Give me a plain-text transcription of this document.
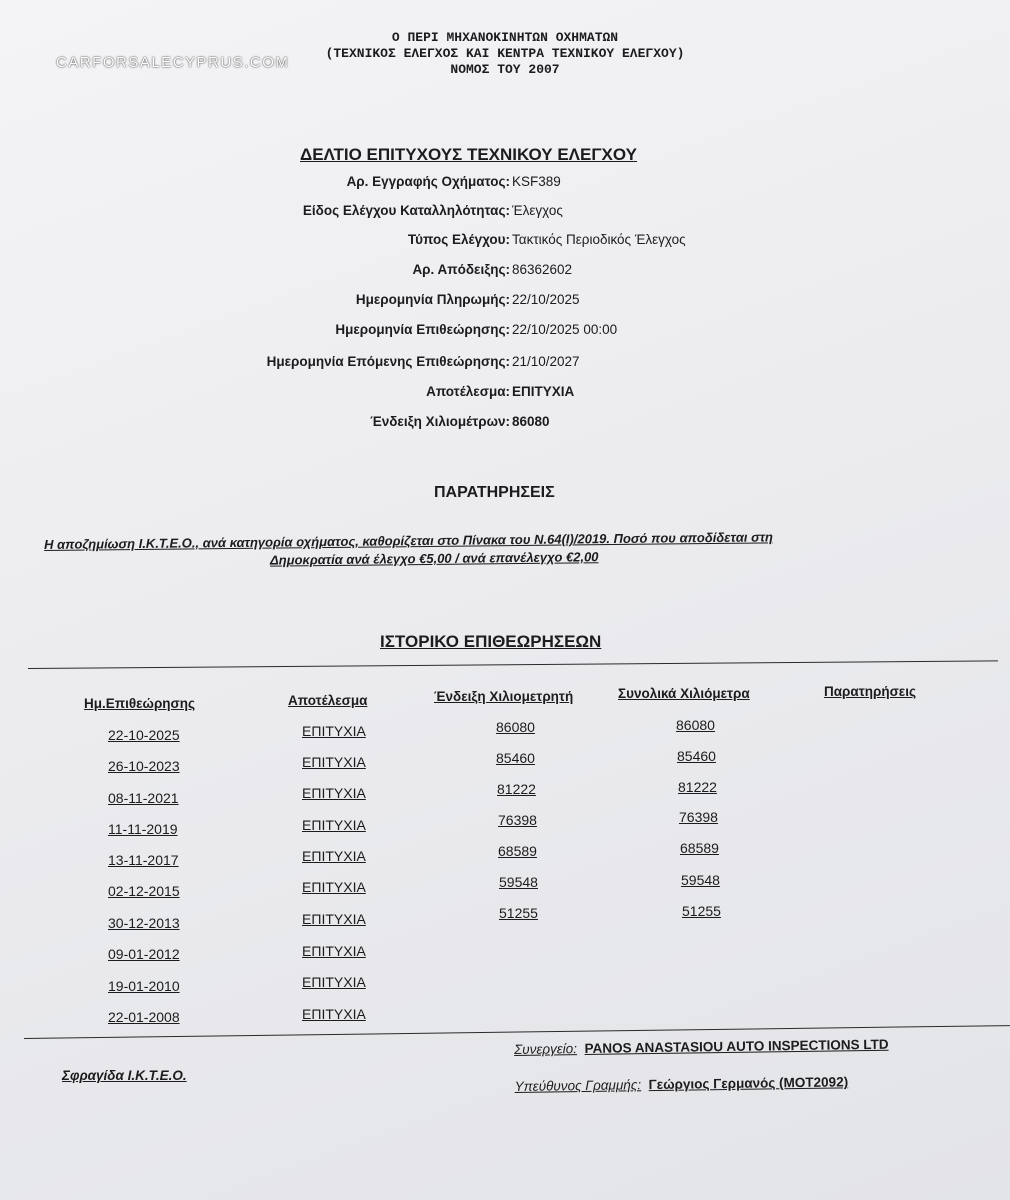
CARFORSALECYPRUS.COM
Ο ΠΕΡΙ ΜΗΧΑΝΟΚΙΝΗΤΩΝ ΟΧΗΜΑΤΩΝ
(ΤΕΧΝΙΚΟΣ ΕΛΕΓΧΟΣ ΚΑΙ ΚΕΝΤΡΑ ΤΕΧΝΙΚΟΥ ΕΛΕΓΧΟΥ)
ΝΟΜΟΣ ΤΟΥ 2007
ΔΕΛΤΙΟ ΕΠΙΤΥΧΟΥΣ ΤΕΧΝΙΚΟΥ ΕΛΕΓΧΟΥ
Αρ. Εγγραφής Οχήματος: KSF389
Είδος Ελέγχου Καταλληλότητας: Έλεγχος
Τύπος Ελέγχου: Τακτικός Περιοδικός Έλεγχος
Αρ. Απόδειξης: 86362602
Ημερομηνία Πληρωμής: 22/10/2025
Ημερομηνία Επιθεώρησης: 22/10/2025 00:00
Ημερομηνία Επόμενης Επιθεώρησης: 21/10/2027
Αποτέλεσμα: ΕΠΙΤΥΧΙΑ
Ένδειξη Χιλιομέτρων: 86080
ΠΑΡΑΤΗΡΗΣΕΙΣ
Η αποζημίωση Ι.Κ.Τ.Ε.Ο., ανά κατηγορία οχήματος, καθορίζεται στο Πίνακα του Ν.64(Ι)/2019. Ποσό που αποδίδεται στη
Δημοκρατία ανά έλεγχο €5,00 / ανά επανέλεγχο €2,00
ΙΣΤΟΡΙΚΟ ΕΠΙΘΕΩΡΗΣΕΩΝ
Ημ.Επιθεώρησης	Αποτέλεσμα	Ένδειξη Χιλιομετρητή	Συνολικά Χιλιόμετρα	Παρατηρήσεις
22-10-2025	ΕΠΙΤΥΧΙΑ	86080	86080
26-10-2023	ΕΠΙΤΥΧΙΑ	85460	85460
08-11-2021	ΕΠΙΤΥΧΙΑ	81222	81222
11-11-2019	ΕΠΙΤΥΧΙΑ	76398	76398
13-11-2017	ΕΠΙΤΥΧΙΑ	68589	68589
02-12-2015	ΕΠΙΤΥΧΙΑ	59548	59548
30-12-2013	ΕΠΙΤΥΧΙΑ	51255	51255
09-01-2012	ΕΠΙΤΥΧΙΑ
19-01-2010	ΕΠΙΤΥΧΙΑ
22-01-2008	ΕΠΙΤΥΧΙΑ
Σφραγίδα Ι.Κ.Τ.Ε.Ο.
Συνεργείο: PANOS ANASTASIOU AUTO INSPECTIONS LTD
Υπεύθυνος Γραμμής: Γεώργιος Γερμανός (MOT2092)
